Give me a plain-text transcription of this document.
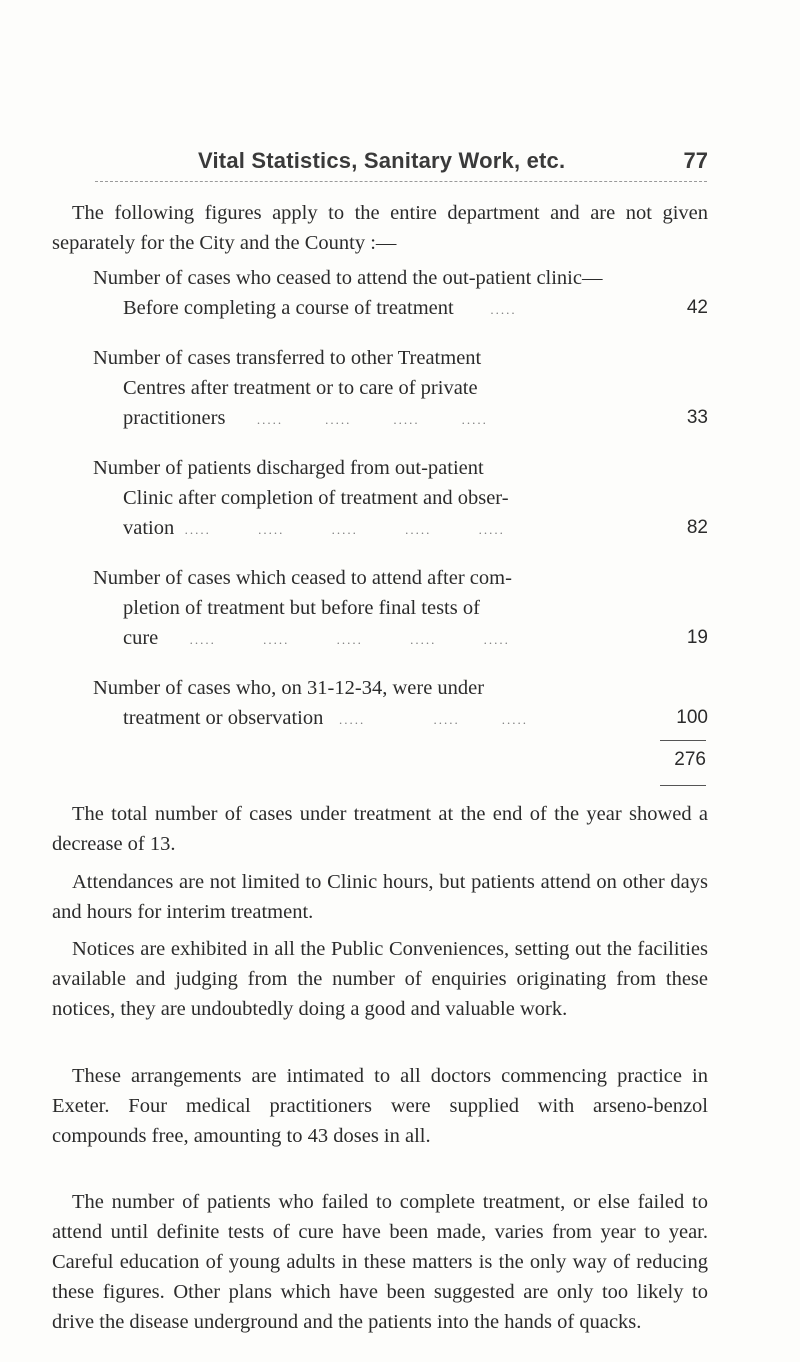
Vital Statistics, Sanitary Work, etc.	77

The following figures apply to the entire department and are not given separately for the City and the County :—

Number of cases who ceased to attend the out-patient clinic—
Before completing a course of treatment       .....	42
Number of cases transferred to other Treatment
Centres after treatment or to care of private
practitioners      .....        .....        .....        .....	33
Number of patients discharged from out-patient
Clinic after completion of treatment and obser-
vation  .....         .....         .....         .....         .....	82
Number of cases which ceased to attend after com-
pletion of treatment but before final tests of
cure      .....         .....         .....         .....         .....	19
Number of cases who, on 31-12-34, were under
treatment or observation   .....             .....        .....	100
276

The total number of cases under treatment at the end of the year showed a decrease of 13.

Attendances are not limited to Clinic hours, but patients attend on other days and hours for interim treatment.

Notices are exhibited in all the Public Conveniences, setting out the facilities available and judging from the number of enquiries originating from these notices, they are undoubtedly doing a good and valuable work.

These arrangements are intimated to all doctors commencing practice in Exeter. Four medical practitioners were supplied with arseno-benzol compounds free, amounting to 43 doses in all.

The number of patients who failed to complete treatment, or else failed to attend until definite tests of cure have been made, varies from year to year. Careful education of young adults in these matters is the only way of reducing these figures. Other plans which have been suggested are only too likely to drive the disease underground and the patients into the hands of quacks.
